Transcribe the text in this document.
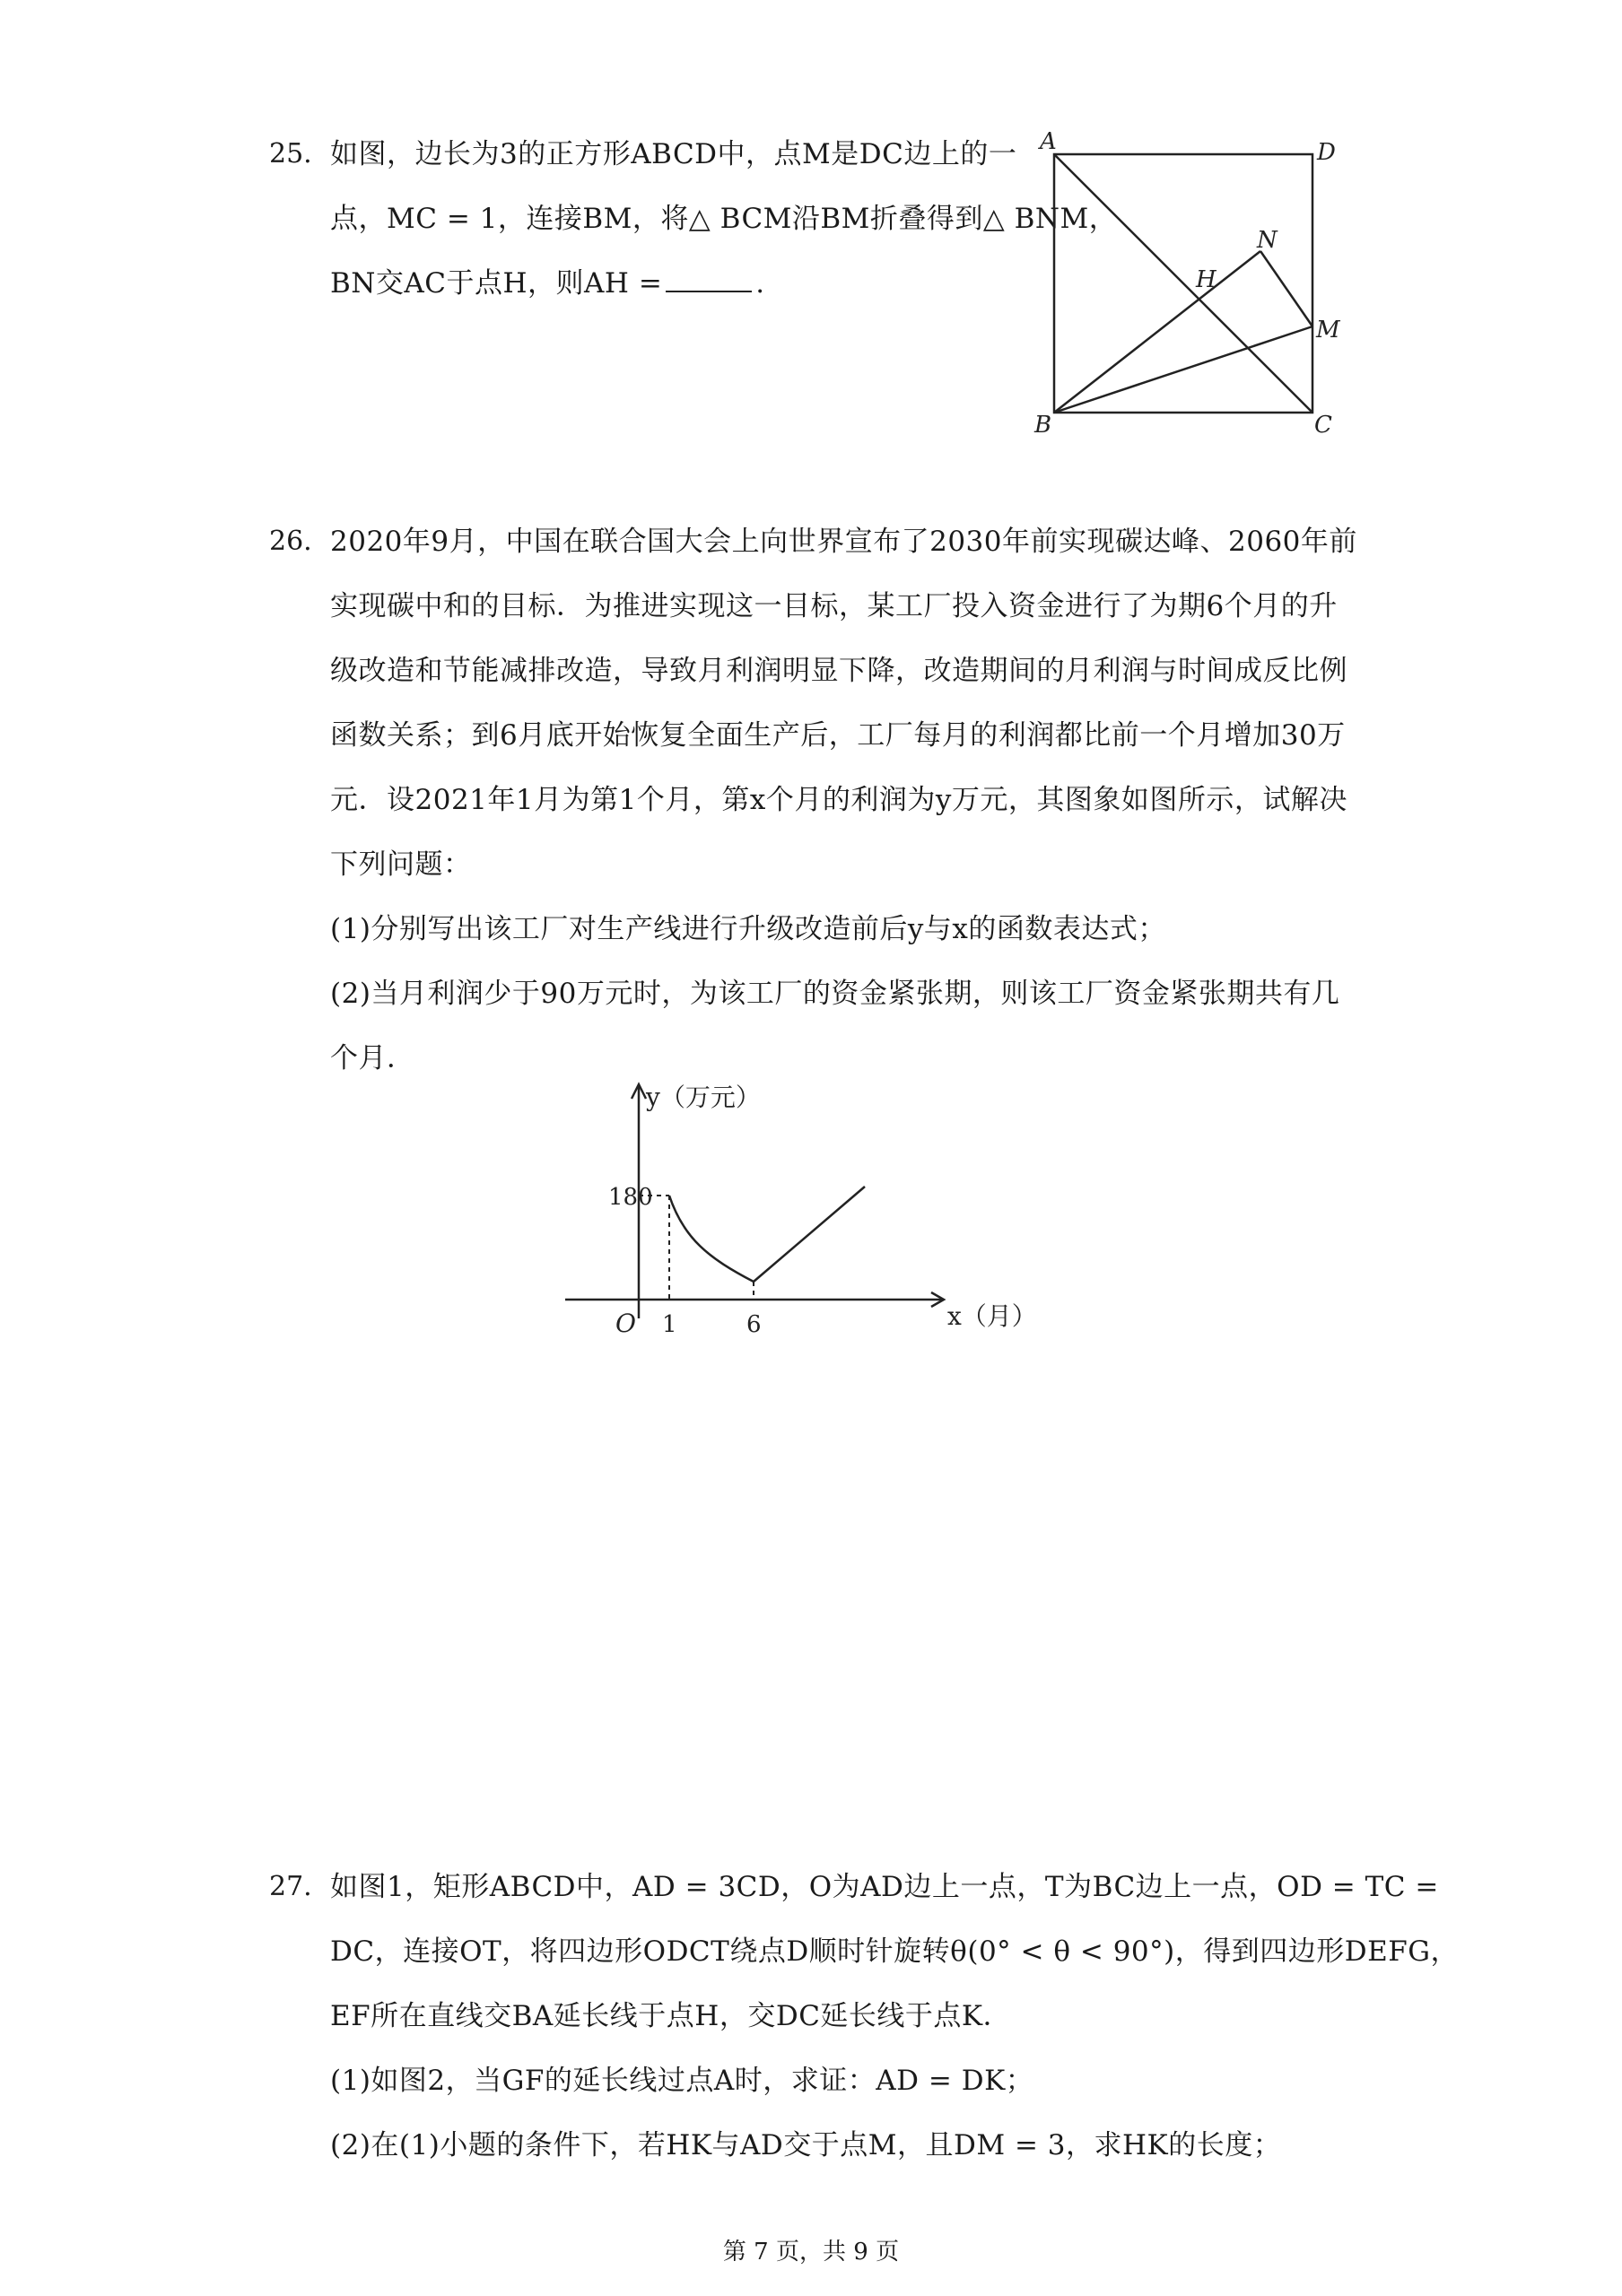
25. 如图，边长为3的正方形ABCD中，点M是DC边上的一
点，MC = 1，连接BM，将△ BCM沿BM折叠得到△ BNM，
BN交AC于点H，则AH =	.
A	D
B	C
M
N
H
26. 2020年9月，中国在联合国大会上向世界宣布了2030年前实现碳达峰、2060年前
实现碳中和的目标．为推进实现这一目标，某工厂投入资金进行了为期6个月的升
级改造和节能减排改造，导致月利润明显下降，改造期间的月利润与时间成反比例
函数关系；到6月底开始恢复全面生产后，工厂每月的利润都比前一个月增加30万
元．设2021年1月为第1个月，第x个月的利润为y万元，其图象如图所示，试解决
下列问题：
(1)分别写出该工厂对生产线进行升级改造前后y与x的函数表达式；
(2)当月利润少于90万元时，为该工厂的资金紧张期，则该工厂资金紧张期共有几
个月．
y（万元）
x（月）
180
O 1	6
27. 如图1，矩形ABCD中，AD = 3CD，O为AD边上一点，T为BC边上一点，OD = TC =
DC，连接OT，将四边形ODCT绕点D顺时针旋转θ(0° < θ < 90°)，得到四边形DEFG，
EF所在直线交BA延长线于点H，交DC延长线于点K．
(1)如图2，当GF的延长线过点A时，求证：AD = DK；
(2)在(1)小题的条件下，若HK与AD交于点M，且DM = 3，求HK的长度；
第 7 页，共 9 页
